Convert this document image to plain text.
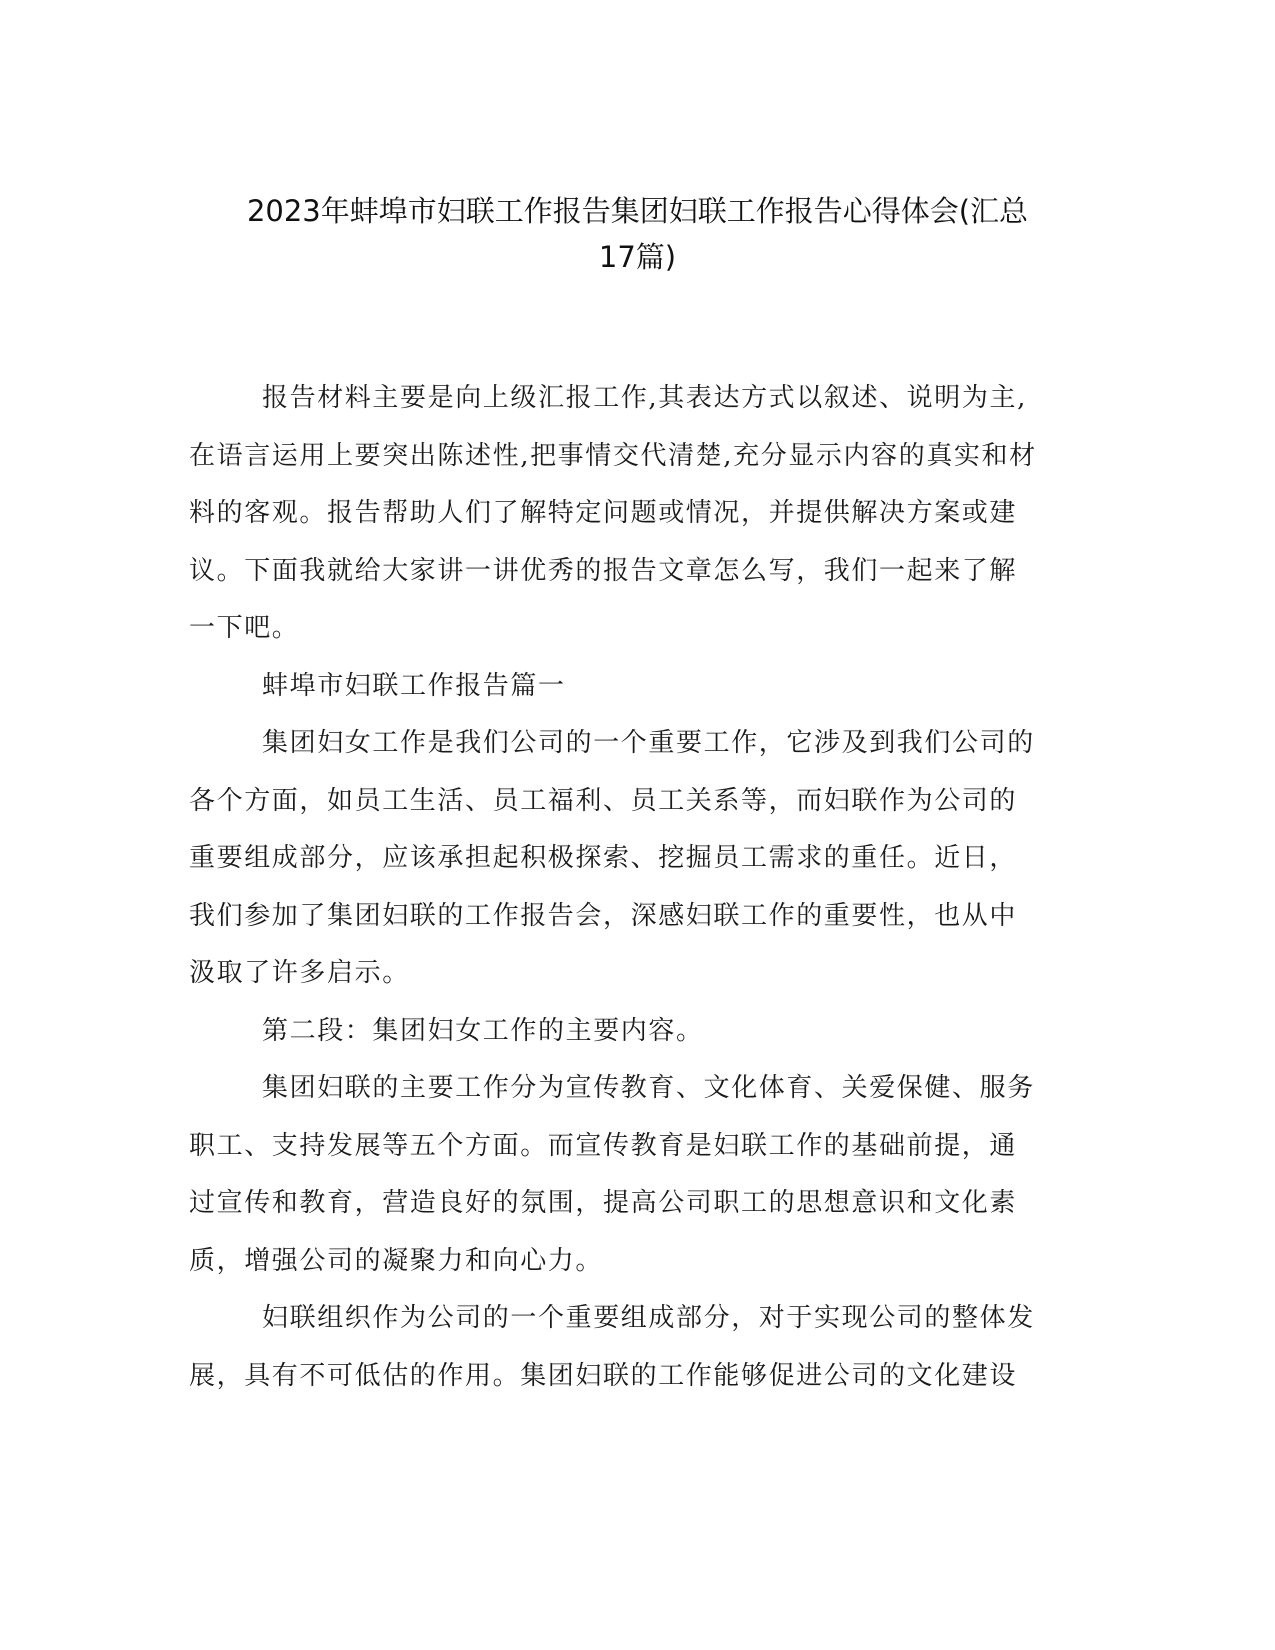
2023年蚌埠市妇联工作报告集团妇联工作报告心得体会(汇总
17篇)

报告材料主要是向上级汇报工作,其表达方式以叙述、说明为主,
在语言运用上要突出陈述性,把事情交代清楚,充分显示内容的真实和材
料的客观。报告帮助人们了解特定问题或情况，并提供解决方案或建
议。下面我就给大家讲一讲优秀的报告文章怎么写，我们一起来了解
一下吧。

蚌埠市妇联工作报告篇一

集团妇女工作是我们公司的一个重要工作，它涉及到我们公司的
各个方面，如员工生活、员工福利、员工关系等，而妇联作为公司的
重要组成部分，应该承担起积极探索、挖掘员工需求的重任。近日，
我们参加了集团妇联的工作报告会，深感妇联工作的重要性，也从中
汲取了许多启示。

第二段：集团妇女工作的主要内容。

集团妇联的主要工作分为宣传教育、文化体育、关爱保健、服务
职工、支持发展等五个方面。而宣传教育是妇联工作的基础前提，通
过宣传和教育，营造良好的氛围，提高公司职工的思想意识和文化素
质，增强公司的凝聚力和向心力。

妇联组织作为公司的一个重要组成部分，对于实现公司的整体发
展，具有不可低估的作用。集团妇联的工作能够促进公司的文化建设
